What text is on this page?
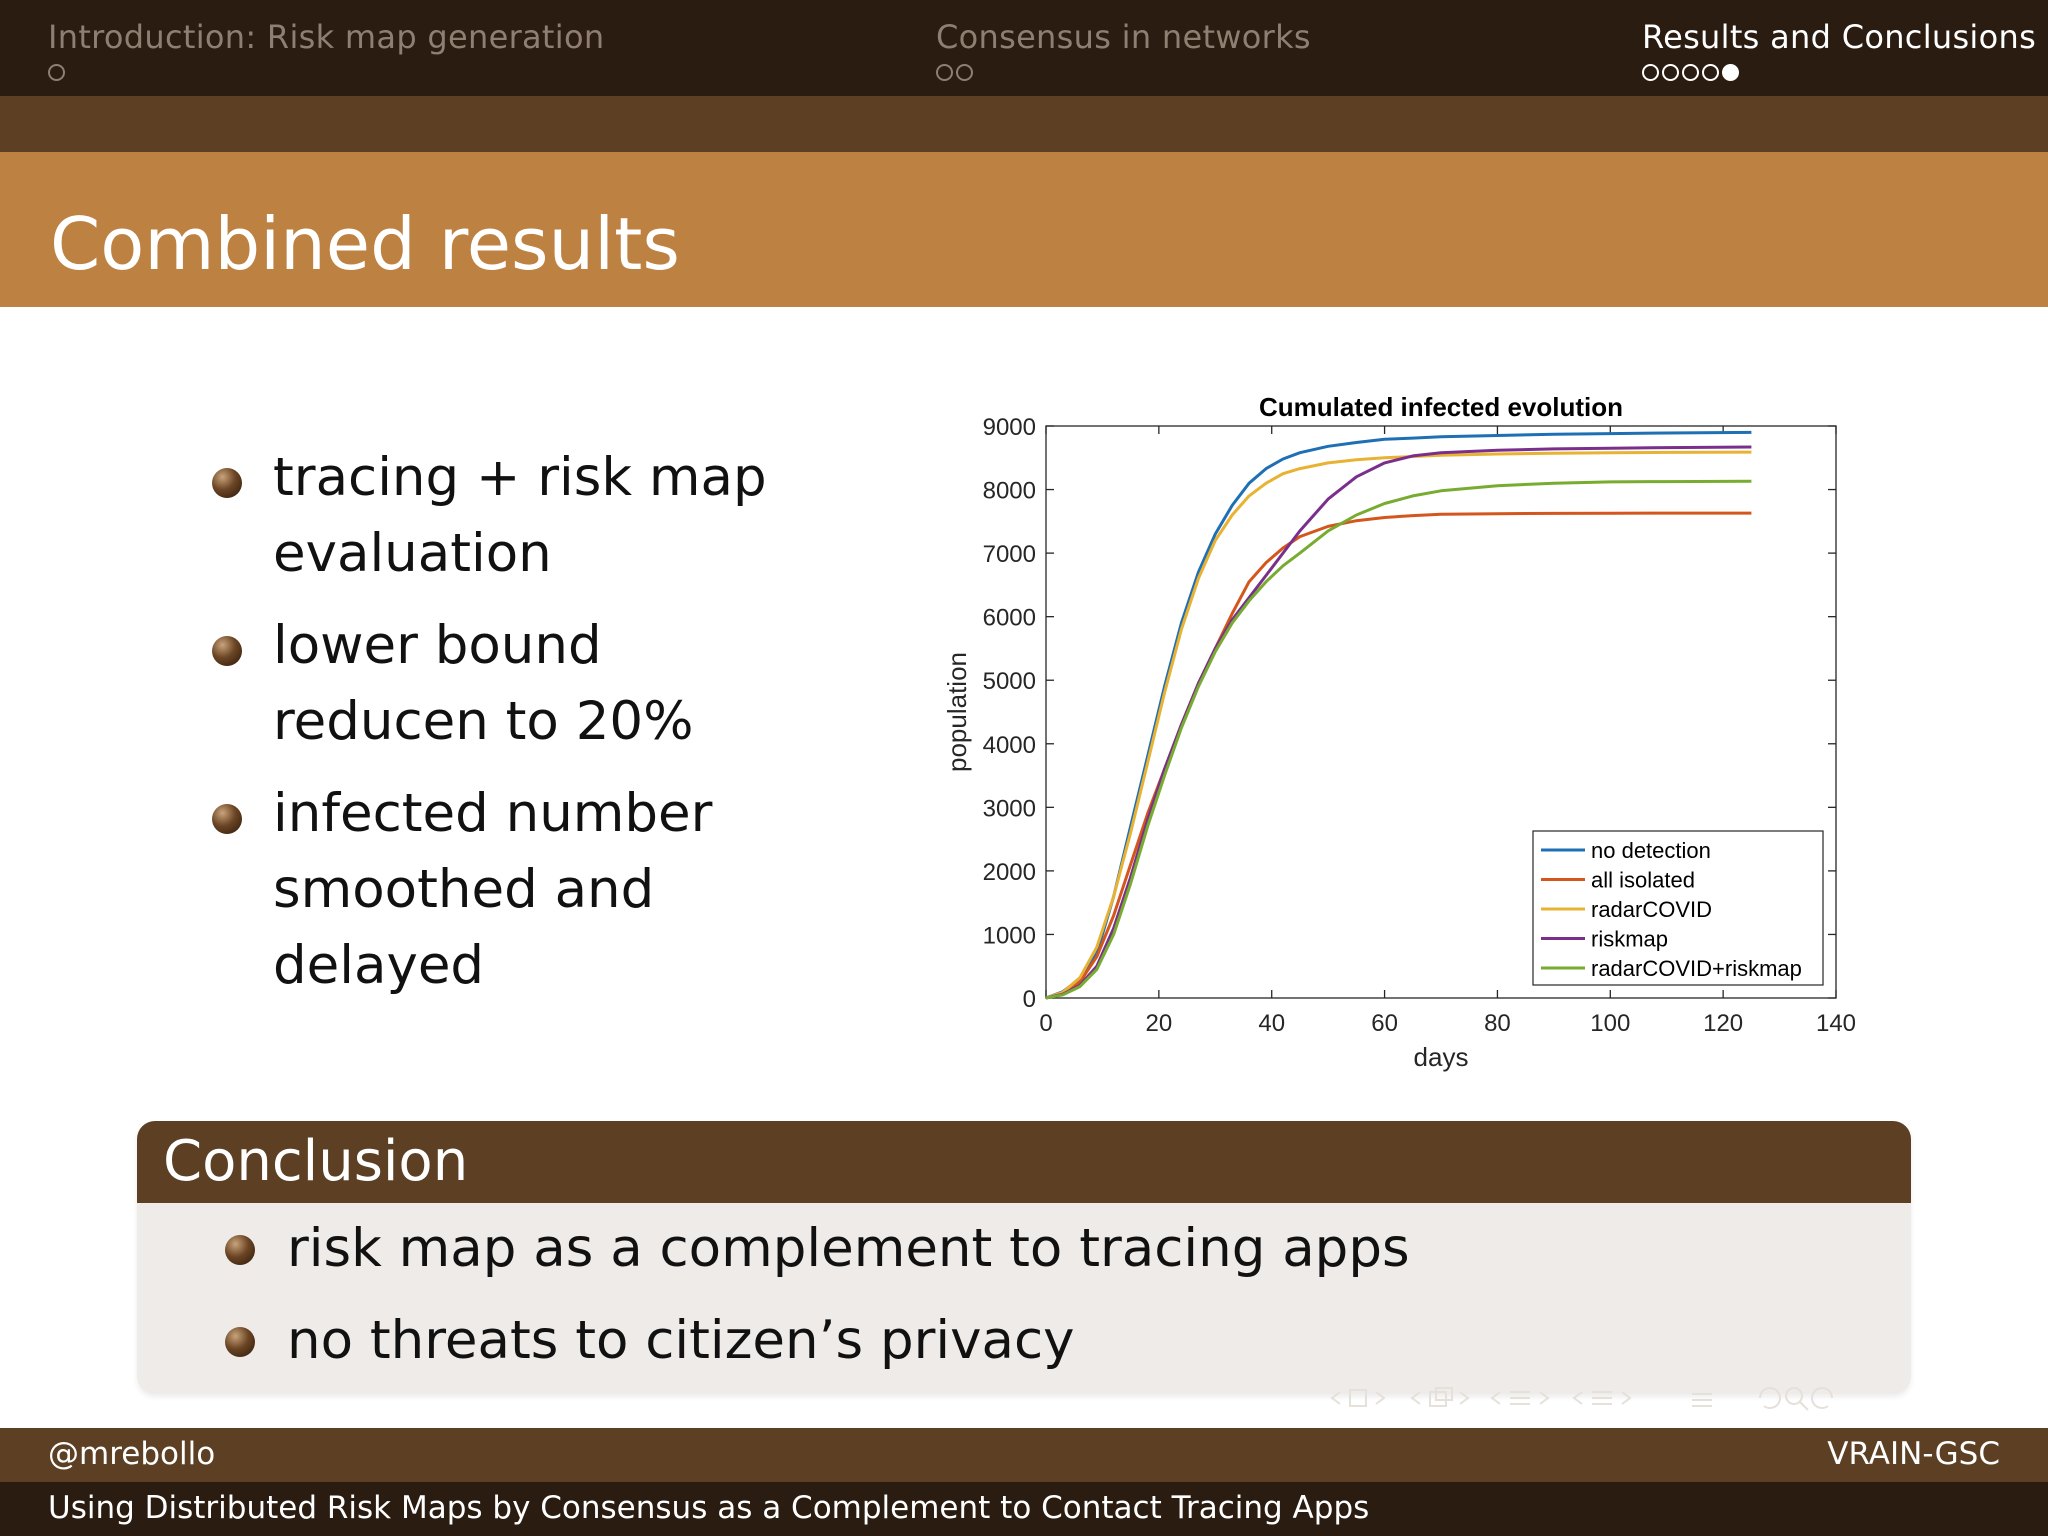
Introduction: Risk map generation	Consensus in networks	Results and Conclusions
Combined results
tracing + risk map evaluation
lower bound reducen to 20%
infected number smoothed and delayed
Cumulated infected evolution
0	20	40	60	80	100	120	140
0
1000
2000
3000
4000
5000
6000
7000
8000
9000
days
population
no detection
all isolated
radarCOVID
riskmap
radarCOVID+riskmap
Conclusion
risk map as a complement to tracing apps
no threats to citizen’s privacy
@mrebollo	VRAIN-GSC
Using Distributed Risk Maps by Consensus as a Complement to Contact Tracing Apps
